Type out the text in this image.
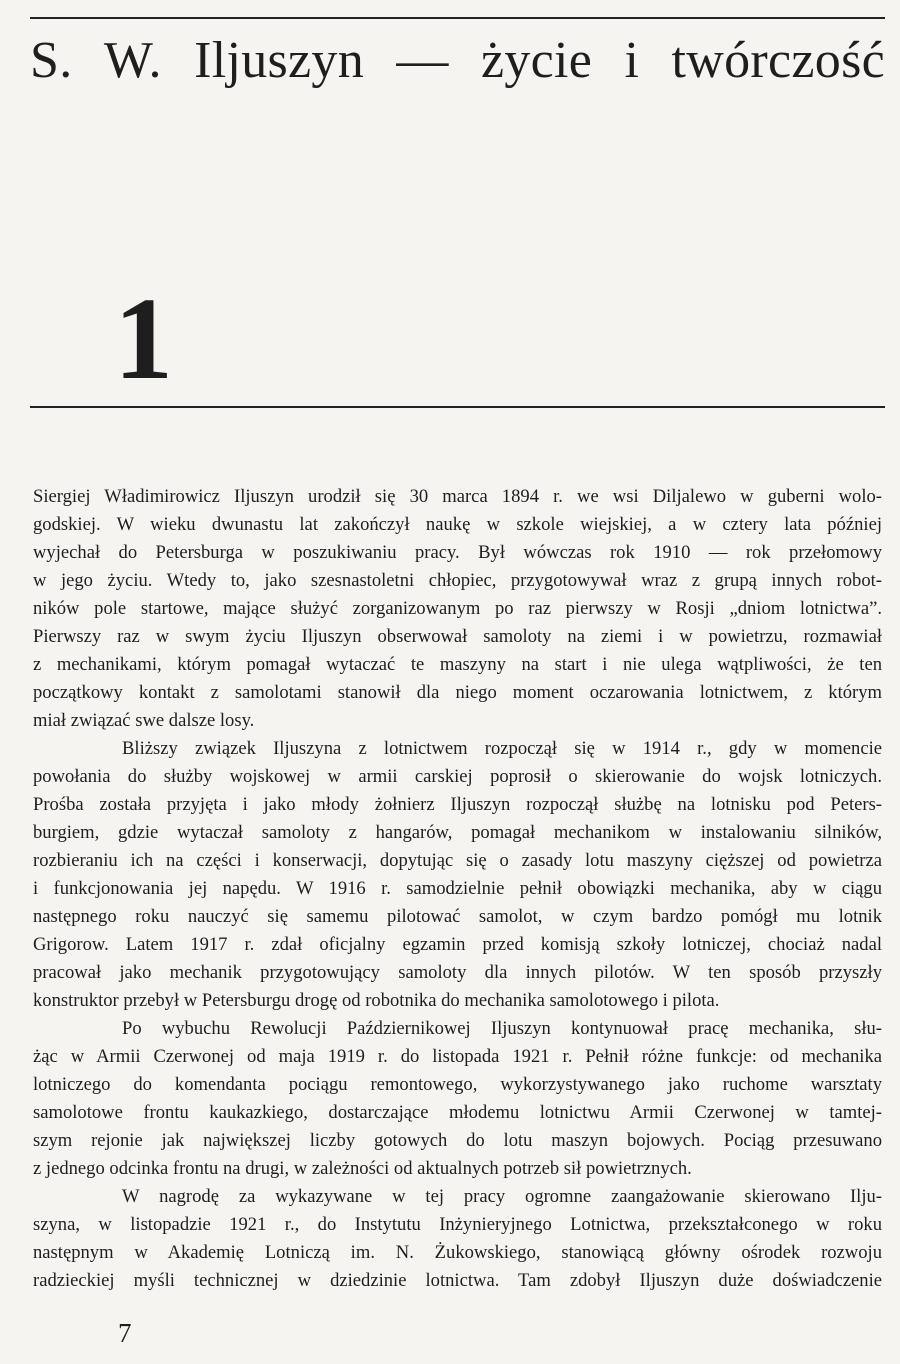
S. W. Iljuszyn — życie i twórczość
1
Siergiej Władimirowicz Iljuszyn urodził się 30 marca 1894 r. we wsi Diljalewo w guberni wolo-
godskiej. W wieku dwunastu lat zakończył naukę w szkole wiejskiej, a w cztery lata później
wyjechał do Petersburga w poszukiwaniu pracy. Był wówczas rok 1910 — rok przełomowy
w jego życiu. Wtedy to, jako szesnastoletni chłopiec, przygotowywał wraz z grupą innych robot-
ników pole startowe, mające służyć zorganizowanym po raz pierwszy w Rosji „dniom lotnictwa”.
Pierwszy raz w swym życiu Iljuszyn obserwował samoloty na ziemi i w powietrzu, rozmawiał
z mechanikami, którym pomagał wytaczać te maszyny na start i nie ulega wątpliwości, że ten
początkowy kontakt z samolotami stanowił dla niego moment oczarowania lotnictwem, z którym
miał związać swe dalsze losy.
Bliższy związek Iljuszyna z lotnictwem rozpoczął się w 1914 r., gdy w momencie
powołania do służby wojskowej w armii carskiej poprosił o skierowanie do wojsk lotniczych.
Prośba została przyjęta i jako młody żołnierz Iljuszyn rozpoczął służbę na lotnisku pod Peters-
burgiem, gdzie wytaczał samoloty z hangarów, pomagał mechanikom w instalowaniu silników,
rozbieraniu ich na części i konserwacji, dopytując się o zasady lotu maszyny cięższej od powietrza
i funkcjonowania jej napędu. W 1916 r. samodzielnie pełnił obowiązki mechanika, aby w ciągu
następnego roku nauczyć się samemu pilotować samolot, w czym bardzo pomógł mu lotnik
Grigorow. Latem 1917 r. zdał oficjalny egzamin przed komisją szkoły lotniczej, chociaż nadal
pracował jako mechanik przygotowujący samoloty dla innych pilotów. W ten sposób przyszły
konstruktor przebył w Petersburgu drogę od robotnika do mechanika samolotowego i pilota.
Po wybuchu Rewolucji Październikowej Iljuszyn kontynuował pracę mechanika, słu-
żąc w Armii Czerwonej od maja 1919 r. do listopada 1921 r. Pełnił różne funkcje: od mechanika
lotniczego do komendanta pociągu remontowego, wykorzystywanego jako ruchome warsztaty
samolotowe frontu kaukazkiego, dostarczające młodemu lotnictwu Armii Czerwonej w tamtej-
szym rejonie jak największej liczby gotowych do lotu maszyn bojowych. Pociąg przesuwano
z jednego odcinka frontu na drugi, w zależności od aktualnych potrzeb sił powietrznych.
W nagrodę za wykazywane w tej pracy ogromne zaangażowanie skierowano Ilju-
szyna, w listopadzie 1921 r., do Instytutu Inżynieryjnego Lotnictwa, przekształconego w roku
następnym w Akademię Lotniczą im. N. Żukowskiego, stanowiącą główny ośrodek rozwoju
radzieckiej myśli technicznej w dziedzinie lotnictwa. Tam zdobył Iljuszyn duże doświadczenie
7
